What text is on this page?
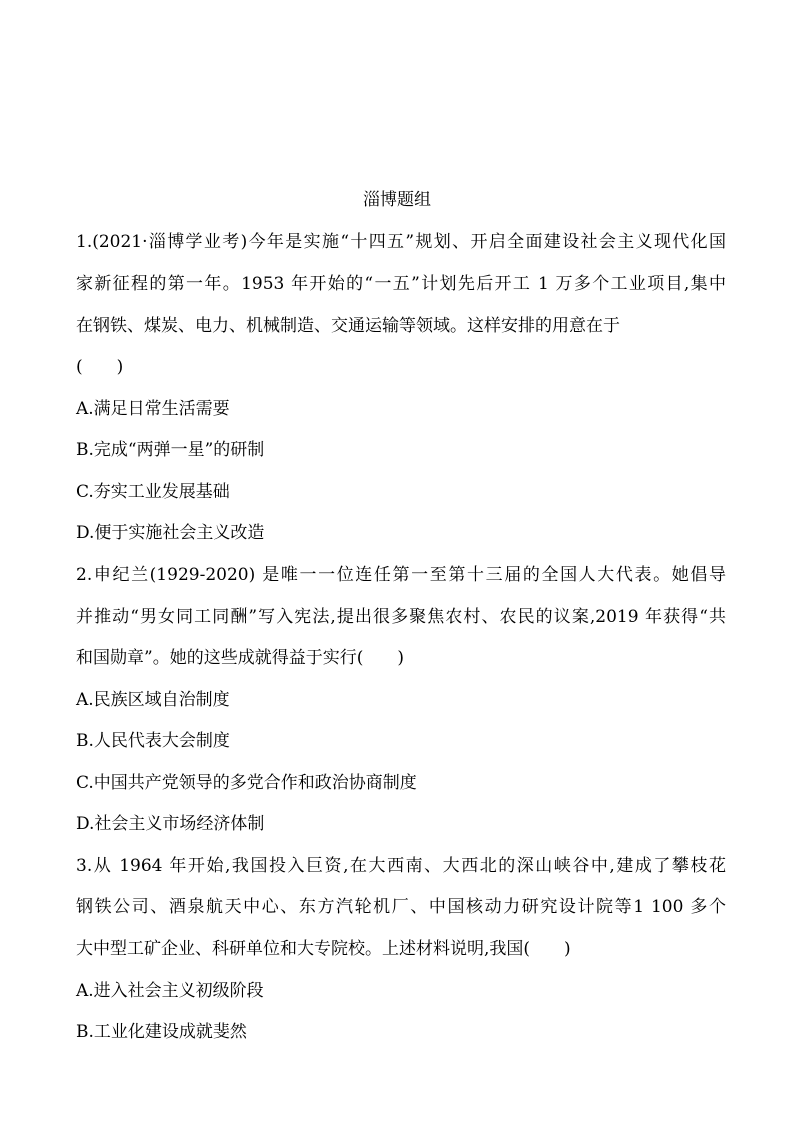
淄博题组
1.(2021·淄博学业考)今年是实施“十四五”规划、开启全面建设社会主义现代化国
家新征程的第一年。1953 年开始的“一五”计划先后开工 1 万多个工业项目,集中
在钢铁、煤炭、电力、机械制造、交通运输等领域。这样安排的用意在于
(　　)
A.满足日常生活需要
B.完成“两弹一星”的研制
C.夯实工业发展基础
D.便于实施社会主义改造
2.申纪兰(1929-2020) 是唯一一位连任第一至第十三届的全国人大代表。她倡导
并推动“男女同工同酬”写入宪法,提出很多聚焦农村、农民的议案,2019 年获得“共
和国勋章”。她的这些成就得益于实行(　　)
A.民族区域自治制度
B.人民代表大会制度
C.中国共产党领导的多党合作和政治协商制度
D.社会主义市场经济体制
3.从 1964 年开始,我国投入巨资,在大西南、大西北的深山峡谷中,建成了攀枝花
钢铁公司、酒泉航天中心、东方汽轮机厂、中国核动力研究设计院等1 100 多个
大中型工矿企业、科研单位和大专院校。上述材料说明,我国(　　)
A.进入社会主义初级阶段
B.工业化建设成就斐然
